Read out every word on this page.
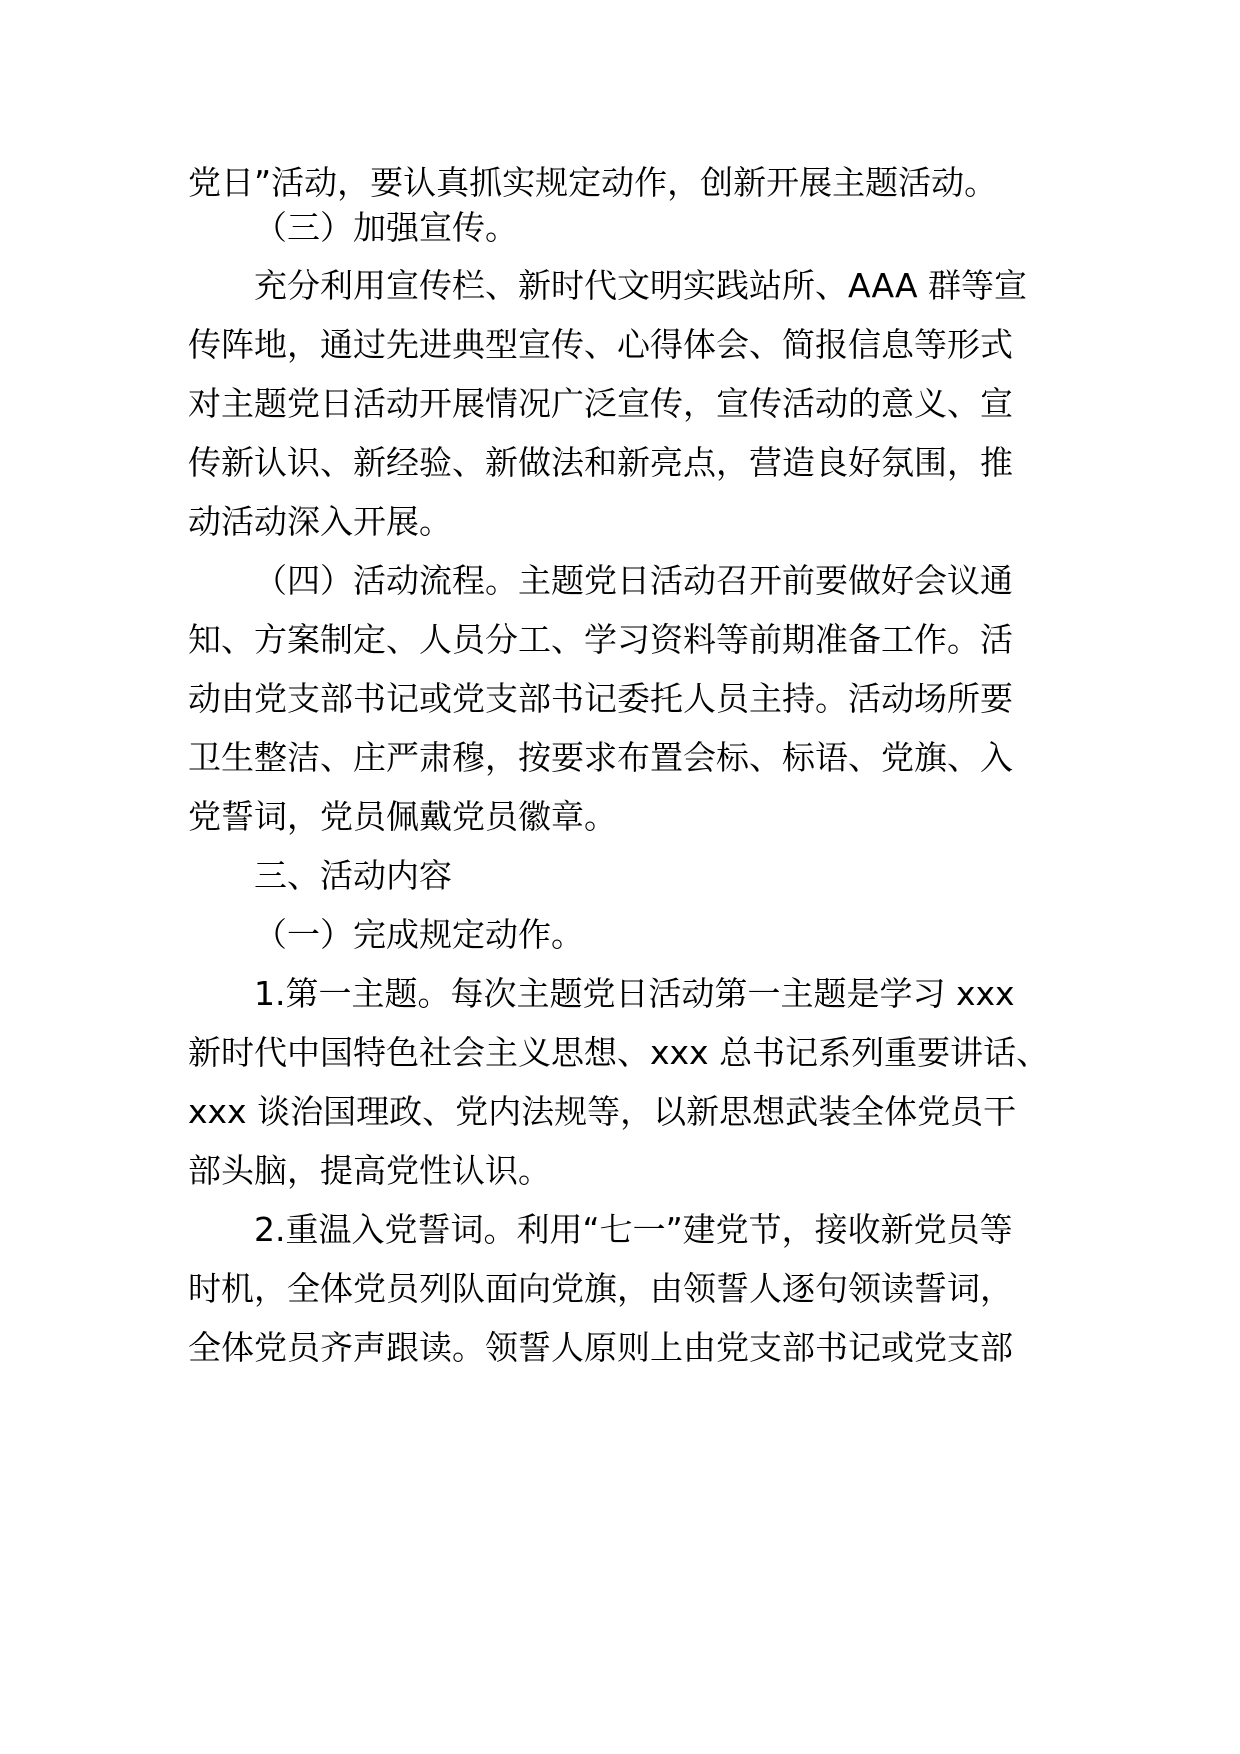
党日”活动，要认真抓实规定动作，创新开展主题活动。
（三）加强宣传。
充分利用宣传栏、新时代文明实践站所、AAA 群等宣
传阵地，通过先进典型宣传、心得体会、简报信息等形式
对主题党日活动开展情况广泛宣传，宣传活动的意义、宣
传新认识、新经验、新做法和新亮点，营造良好氛围，推
动活动深入开展。
（四）活动流程。主题党日活动召开前要做好会议通
知、方案制定、人员分工、学习资料等前期准备工作。活
动由党支部书记或党支部书记委托人员主持。活动场所要
卫生整洁、庄严肃穆，按要求布置会标、标语、党旗、入
党誓词，党员佩戴党员徽章。
三、活动内容
（一）完成规定动作。
1.第一主题。每次主题党日活动第一主题是学习 xxx
新时代中国特色社会主义思想、xxx 总书记系列重要讲话、
xxx 谈治国理政、党内法规等，以新思想武装全体党员干
部头脑，提高党性认识。
2.重温入党誓词。利用“七一”建党节，接收新党员等
时机，全体党员列队面向党旗，由领誓人逐句领读誓词，
全体党员齐声跟读。领誓人原则上由党支部书记或党支部
